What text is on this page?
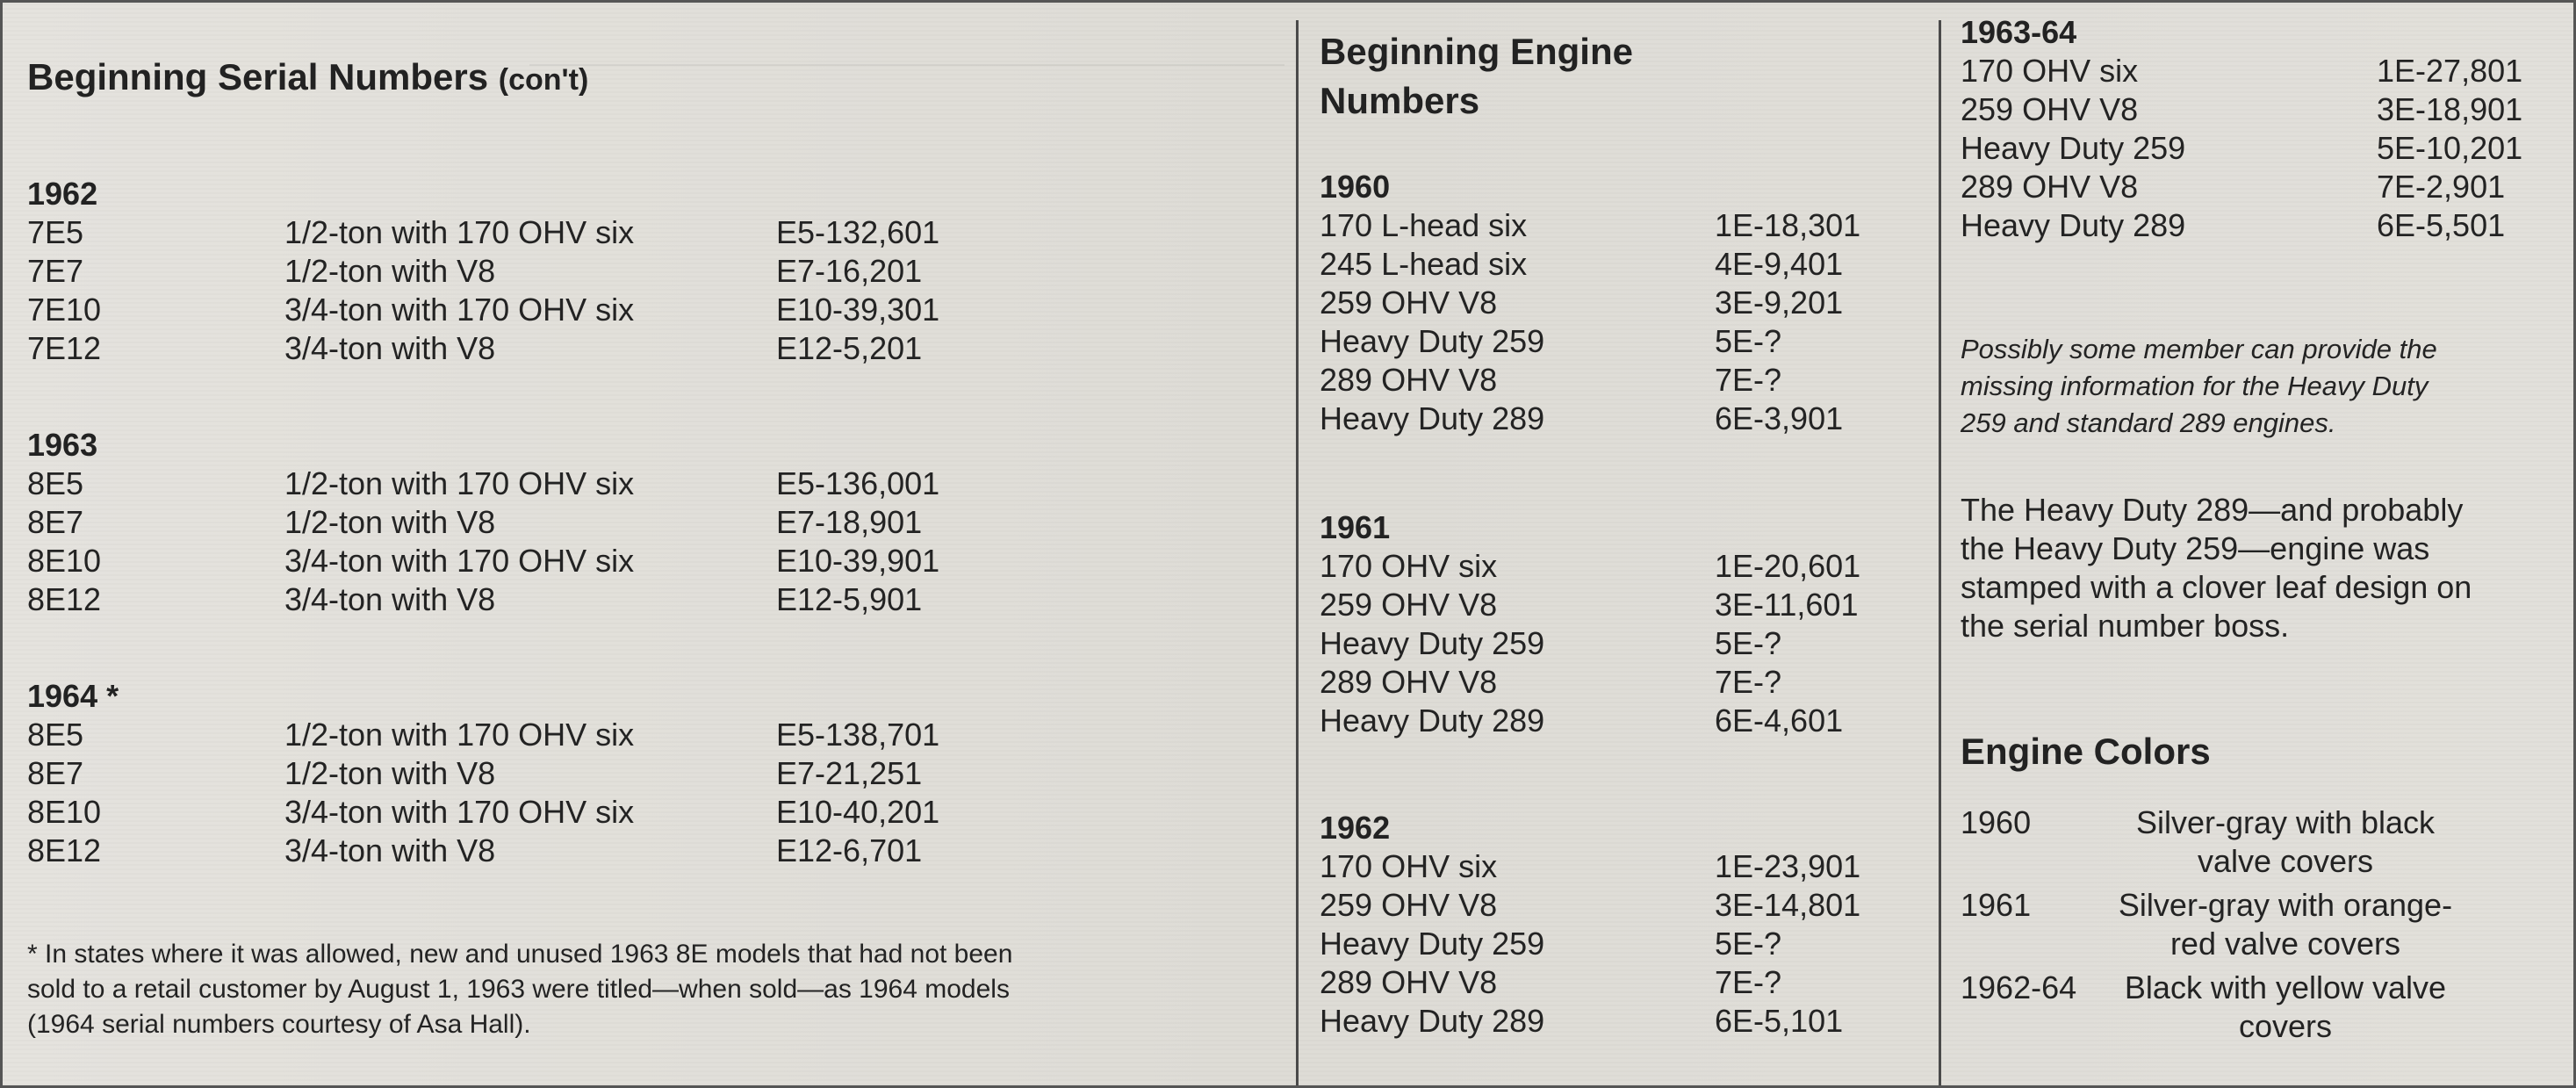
Beginning Serial Numbers (con't)
1962
7E5	1/2-ton with 170 OHV six	E5-132,601
7E7	1/2-ton with V8	E7-16,201
7E10	3/4-ton with 170 OHV six	E10-39,301
7E12	3/4-ton with V8	E12-5,201
1963
8E5	1/2-ton with 170 OHV six	E5-136,001
8E7	1/2-ton with V8	E7-18,901
8E10	3/4-ton with 170 OHV six	E10-39,901
8E12	3/4-ton with V8	E12-5,901
1964 *
8E5	1/2-ton with 170 OHV six	E5-138,701
8E7	1/2-ton with V8	E7-21,251
8E10	3/4-ton with 170 OHV six	E10-40,201
8E12	3/4-ton with V8	E12-6,701
* In states where it was allowed, new and unused 1963 8E models that had not been
sold to a retail customer by August 1, 1963 were titled—when sold—as 1964 models
(1964 serial numbers courtesy of Asa Hall).
Beginning Engine
Numbers
1960
170 L-head six	1E-18,301
245 L-head six	4E-9,401
259 OHV V8	3E-9,201
Heavy Duty 259	5E-?
289 OHV V8	7E-?
Heavy Duty 289	6E-3,901
1961
170 OHV six	1E-20,601
259 OHV V8	3E-11,601
Heavy Duty 259	5E-?
289 OHV V8	7E-?
Heavy Duty 289	6E-4,601
1962
170 OHV six	1E-23,901
259 OHV V8	3E-14,801
Heavy Duty 259	5E-?
289 OHV V8	7E-?
Heavy Duty 289	6E-5,101
1963-64
170 OHV six	1E-27,801
259 OHV V8	3E-18,901
Heavy Duty 259	5E-10,201
289 OHV V8	7E-2,901
Heavy Duty 289	6E-5,501
Possibly some member can provide the
missing information for the Heavy Duty
259 and standard 289 engines.
The Heavy Duty 289—and probably
the Heavy Duty 259—engine was
stamped with a clover leaf design on
the serial number boss.
Engine Colors
1960	Silver-gray with black
valve covers
1961	Silver-gray with orange-
red valve covers
1962-64	Black with yellow valve
covers
